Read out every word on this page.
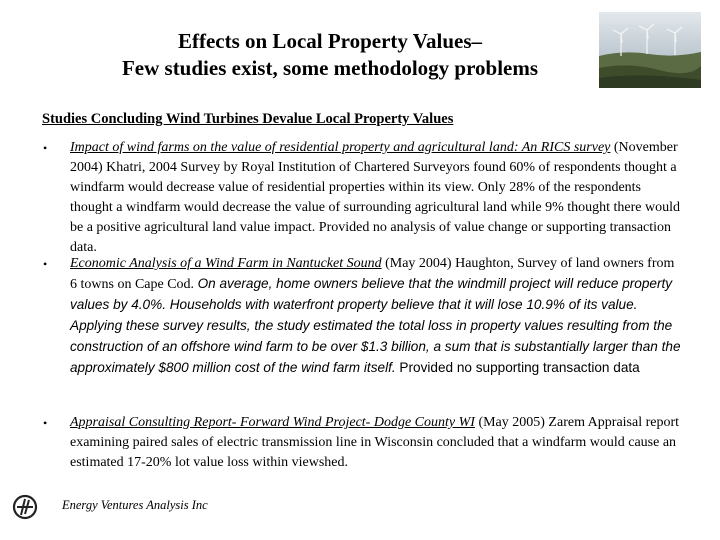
Effects on Local Property Values–
Few studies exist, some methodology problems
Studies Concluding Wind Turbines Devalue Local Property Values
• Impact of wind farms on the value of residential property and agricultural land: An RICS survey (November 2004) Khatri, 2004 Survey by Royal Institution of Chartered Surveyors found 60% of respondents thought a windfarm would decrease value of residential properties within its view. Only 28% of the respondents thought a windfarm would decrease the value of surrounding agricultural land while 9% thought there would be a positive agricultural land value impact. Provided no analysis of value change or supporting transaction data.
• Economic Analysis of a Wind Farm in Nantucket Sound (May 2004) Haughton, Survey of land owners from 6 towns on Cape Cod. On average, home owners believe that the windmill project will reduce property values by 4.0%. Households with waterfront property believe that it will lose 10.9% of its value. Applying these survey results, the study estimated the total loss in property values resulting from the construction of an offshore wind farm to be over $1.3 billion, a sum that is substantially larger than the approximately $800 million cost of the wind farm itself. Provided no supporting transaction data
• Appraisal Consulting Report- Forward Wind Project- Dodge County WI (May 2005) Zarem Appraisal report examining paired sales of electric transmission line in Wisconsin concluded that a windfarm would cause an estimated 17-20% lot value loss within viewshed.
Energy Ventures Analysis Inc
